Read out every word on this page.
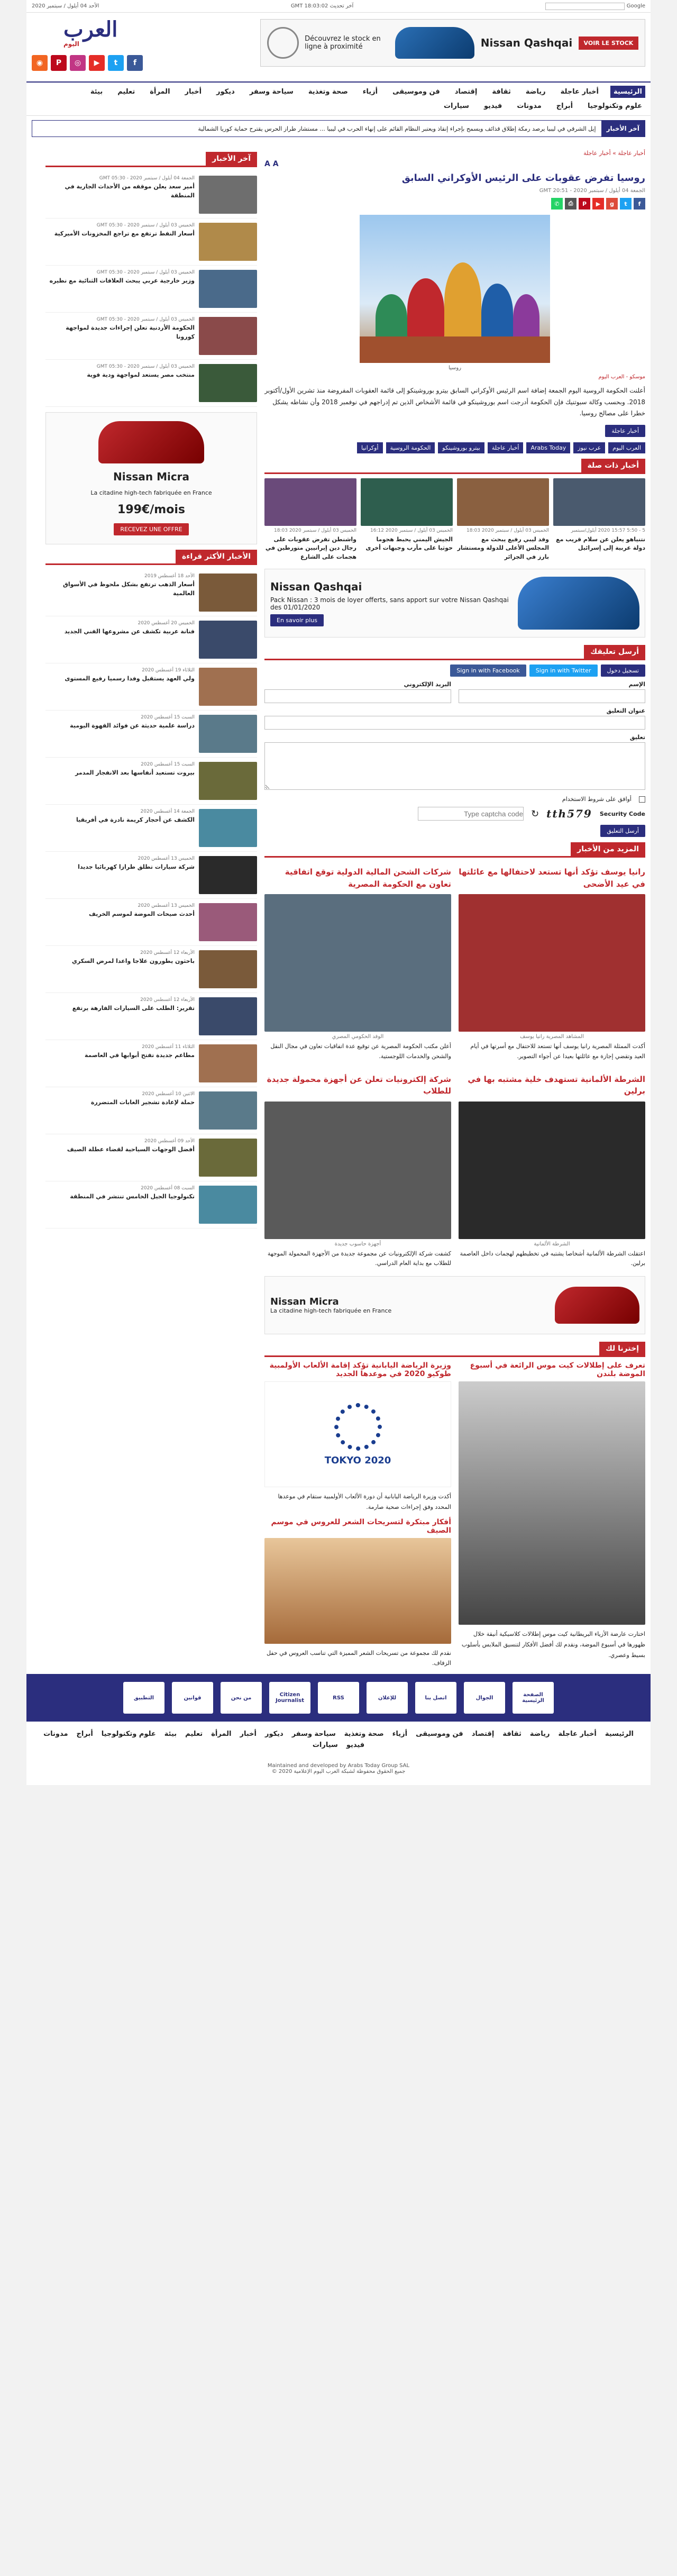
Google
آخر تحديث GMT 18:03:02
الأحد 04 أيلول / سبتمبر 2020
VOIR LE STOCK
Nissan Qashqai
Découvrez le stock en ligne à proximité
العرب
اليوم
f
t
▶
◎
P
◉
الرئيسية
أخبار عاجلة
رياضة
ثقافة
إقتصاد
فن وموسيقى
أزياء
صحة وتغذية
سياحة وسفر
ديكور
أخبار
المرأة
تعليم
بيئة
علوم وتكنولوجيا
أبراج
مدونات
فيديو
سيارات
آخر الأخبار
إيل الشرقي في ليبيا يرصد رمكة إطلاق قذائف ويسمح بإجراء إنقاذ ويعتبر النظام القائم على إنهاء الحرب في ليبيا ... مستشار طراز الحرس يقترح حماية كوريا الشمالية
أخبار عاجلة » أخبار عاجلة
A A
روسيا تفرض عقوبات على الرئيس الأوكراني السابق
الجمعة 04 أيلول / سبتمبر 2020 - 20:51 GMT
f
t
g
▶
P
⎙
✆
روسيا
موسكو - العرب اليوم

أعلنت الحكومة الروسية اليوم الجمعة إضافة اسم الرئيس الأوكراني السابق بيترو بوروشينكو إلى قائمة العقوبات المفروضة منذ تشرين الأول/أكتوبر 2018. وبحسب وكالة سبوتنيك فإن الحكومة أدرجت اسم بوروشينكو في قائمة الأشخاص الذين تم إدراجهم في نوفمبر 2018 وأن نشاطه يشكل خطرا على مصالح روسيا.

أخبار عاجلة
العرب اليوم
عرب نيوز
Arabs Today
أخبار عاجلة
بيترو بوروشينكو
الحكومة الروسية
أوكرانيا
أخبار ذات صلة
5 - 5:50 15:57 2020 أيلول/سبتمبر
نتنياهو يعلن عن سلام قريب مع دولة عربية إلى إسرائيل
الخميس 03 أيلول / سبتمبر 2020 18:03
وفد ليبي رفيع يبحث مع المجلس الأعلى للدولة ومستشار بارز في الجزائر
الخميس 03 أيلول / سبتمبر 2020 16:12
الجيش اليمني يحبط هجوما حوثيا على مأرب وجبهات أخرى
الخميس 03 أيلول / سبتمبر 2020 18:03
واشنطن تفرض عقوبات على رجال دين إيرانيين متورطين في هجمات على الشارع
Nissan Qashqai
Pack Nissan : 3 mois de loyer offerts, sans apport sur votre Nissan Qashqai des 01/01/2020
En savoir plus
أرسل تعليقك
تسجيل دخول
Sign in with Twitter
Sign in with Facebook
الإسم
البريد الإلكتروني
عنوان التعليق
تعليق
أوافق على شروط الاستخدام
Security Code
tth579
↻
Type captcha code
أرسل التعليق
المزيد من الأخبار
رانيا يوسف تؤكد أنها تستعد لاحتفالها مع عائلتها في عيد الأضحى
المشاهد المصرية رانيا يوسف

أكدت الممثلة المصرية رانيا يوسف أنها تستعد للاحتفال مع أسرتها في أيام العيد وتقضي إجازة مع عائلتها بعيدا عن أجواء التصوير.

شركات الشحن المالية الدولية توقع اتفاقية تعاون مع الحكومة المصرية
الوفد الحكومي المصري

أعلن مكتب الحكومة المصرية عن توقيع عدة اتفاقيات تعاون في مجال النقل والشحن والخدمات اللوجستية.

الشرطة الألمانية تستهدف خلية مشتبه بها في برلين
الشرطة الألمانية

اعتقلت الشرطة الألمانية أشخاصا يشتبه في تخطيطهم لهجمات داخل العاصمة برلين.

شركة إلكترونيات تعلن عن أجهزة محمولة جديدة للطلاب
أجهزة حاسوب جديدة

كشفت شركة الإلكترونيات عن مجموعة جديدة من الأجهزة المحمولة الموجهة للطلاب مع بداية العام الدراسي.

Nissan Micra
La citadine high-tech fabriquée en France
إخترنا لك
تعرف على إطلالات كيت موس الرائعة في أسبوع الموضة بلندن

اختارت عارضة الأزياء البريطانية كيت موس إطلالات كلاسيكية أنيقة خلال ظهورها في أسبوع الموضة، ونقدم لك أفضل الأفكار لتنسيق الملابس بأسلوب بسيط وعصري.

وزيرة الرياضة اليابانية تؤكد إقامة الألعاب الأولمبية طوكيو 2020 في موعدها الجديد
TOKYO 2020

أكدت وزيرة الرياضة اليابانية أن دورة الألعاب الأولمبية ستقام في موعدها المحدد وفق إجراءات صحية صارمة.

أفكار مبتكرة لتسريحات الشعر للعروس في موسم الصيف

نقدم لك مجموعة من تسريحات الشعر المميزة التي تناسب العروس في حفل الزفاف.

آخر الأخبار
الجمعة 04 أيلول / سبتمبر 2020 - 05:30 GMT
أمير سعد يعلن موقفه من الأحداث الجارية في المنطقة
الخميس 03 أيلول / سبتمبر 2020 - 05:30 GMT
أسعار النفط ترتفع مع تراجع المخزونات الأميركية
الخميس 03 أيلول / سبتمبر 2020 - 05:30 GMT
وزير خارجية عربي يبحث العلاقات الثنائية مع نظيره
الخميس 03 أيلول / سبتمبر 2020 - 05:30 GMT
الحكومة الأردنية تعلن إجراءات جديدة لمواجهة كورونا
الخميس 03 أيلول / سبتمبر 2020 - 05:30 GMT
منتخب مصر يستعد لمواجهة ودية قوية
Nissan Micra
La citadine high-tech fabriquée en France
199€/mois
RECEVEZ UNE OFFRE
الأخبار الأكثر قراءة
الأحد 18 أغسطس 2019
أسعار الذهب ترتفع بشكل ملحوظ في الأسواق العالمية
الخميس 20 أغسطس 2020
فنانة عربية تكشف عن مشروعها الفني الجديد
الثلاثاء 19 أغسطس 2020
ولي العهد يستقبل وفدا رسميا رفيع المستوى
السبت 15 أغسطس 2020
دراسة علمية حديثة عن فوائد القهوة اليومية
السبت 15 أغسطس 2020
بيروت تستعيد أنفاسها بعد الانفجار المدمر
الجمعة 14 أغسطس 2020
الكشف عن أحجار كريمة نادرة في أفريقيا
الخميس 13 أغسطس 2020
شركة سيارات تطلق طرازا كهربائيا جديدا
الخميس 13 أغسطس 2020
أحدث صيحات الموضة لموسم الخريف
الأربعاء 12 أغسطس 2020
باحثون يطورون علاجا واعدا لمرض السكري
الأربعاء 12 أغسطس 2020
تقرير: الطلب على السيارات الفارهة يرتفع
الثلاثاء 11 أغسطس 2020
مطاعم جديدة تفتح أبوابها في العاصمة
الاثنين 10 أغسطس 2020
حملة لإعادة تشجير الغابات المتضررة
الأحد 09 أغسطس 2020
أفضل الوجهات السياحية لقضاء عطلة الصيف
السبت 08 أغسطس 2020
تكنولوجيا الجيل الخامس تنتشر في المنطقة
الصفحة الرئيسية
الجوال
اتصل بنا
للإعلان
RSS
Citizen Journalist
من نحن
قوانين
التطبيق
الرئيسية
أخبار عاجلة
رياضة
ثقافة
إقتصاد
فن وموسيقى
أزياء
صحة وتغذية
سياحة وسفر
ديكور
أخبار
المرأة
تعليم
بيئة
علوم وتكنولوجيا
أبراج
مدونات
فيديو
سيارات
Maintained and developed by Arabs Today Group SAL
جميع الحقوق محفوظة لشبكة العرب اليوم الإعلامية 2020 ©
